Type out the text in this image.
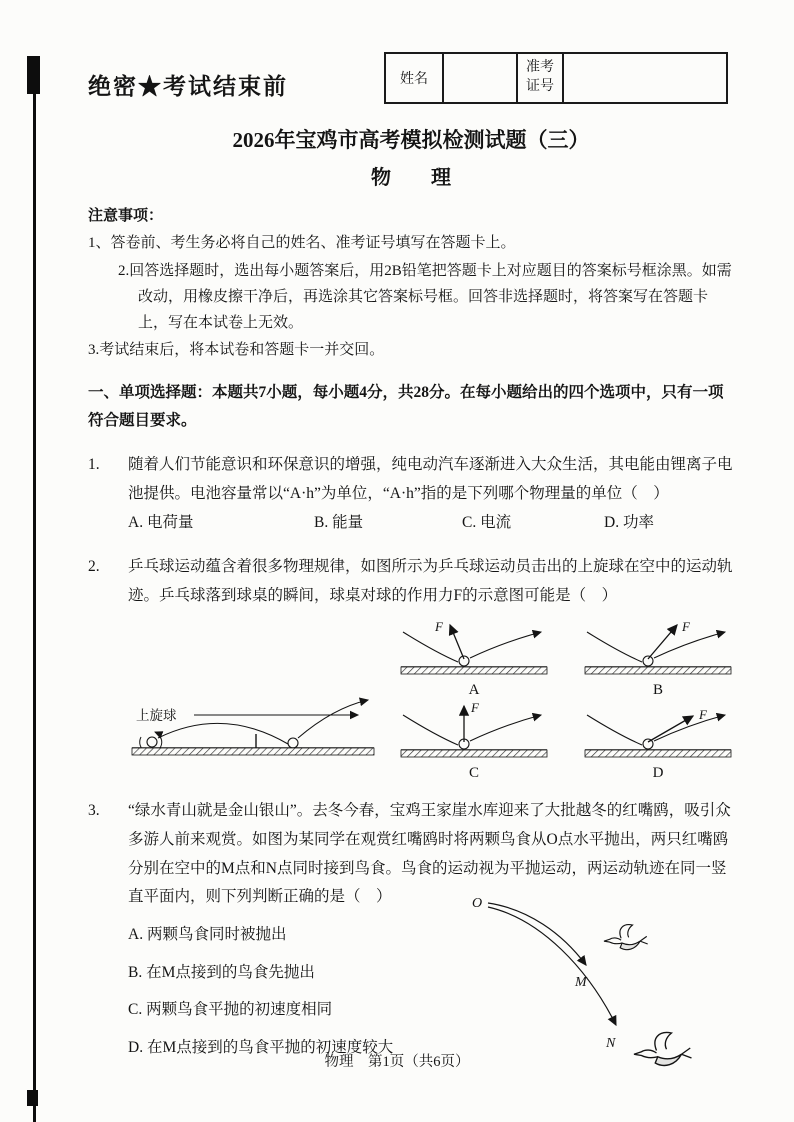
绝密★考试结束前	姓名		准考证号	
2026年宝鸡市高考模拟检测试题（三）
物　　理
注意事项：

1、答卷前、考生务必将自己的姓名、准考证号填写在答题卡上。

2.回答选择题时，选出每小题答案后，用2B铅笔把答题卡上对应题目的答案标号框涂黑。如需改动，用橡皮擦干净后，再选涂其它答案标号框。回答非选择题时，将答案写在答题卡上，写在本试卷上无效。

3.考试结束后，将本试卷和答题卡一并交回。

一、单项选择题：本题共7小题，每小题4分，共28分。在每小题给出的四个选项中，只有一项符合题目要求。
1.	随着人们节能意识和环保意识的增强，纯电动汽车逐渐进入大众生活，其电能由锂离子电池提供。电池容量常以“A·h”为单位，“A·h”指的是下列哪个物理量的单位（　）
A. 电荷量	B. 能量	C. 电流	D. 功率
2.	乒乓球运动蕴含着很多物理规律，如图所示为乒乓球运动员击出的上旋球在空中的运动轨迹。乒乓球落到球桌的瞬间，球桌对球的作用力F的示意图可能是（　）
上旋球
F
A
F
B
F
C
F
D
3.	“绿水青山就是金山银山”。去冬今春，宝鸡王家崖水库迎来了大批越冬的红嘴鸥，吸引众多游人前来观赏。如图为某同学在观赏红嘴鸥时将两颗鸟食从O点水平抛出，两只红嘴鸥分别在空中的M点和N点同时接到鸟食。鸟食的运动视为平抛运动，两运动轨迹在同一竖直平面内，则下列判断正确的是（　）

A. 两颗鸟食同时被抛出

B. 在M点接到的鸟食先抛出

C. 两颗鸟食平抛的初速度相同

D. 在M点接到的鸟食平抛的初速度较大

O
M
N
物理　第1页（共6页）
